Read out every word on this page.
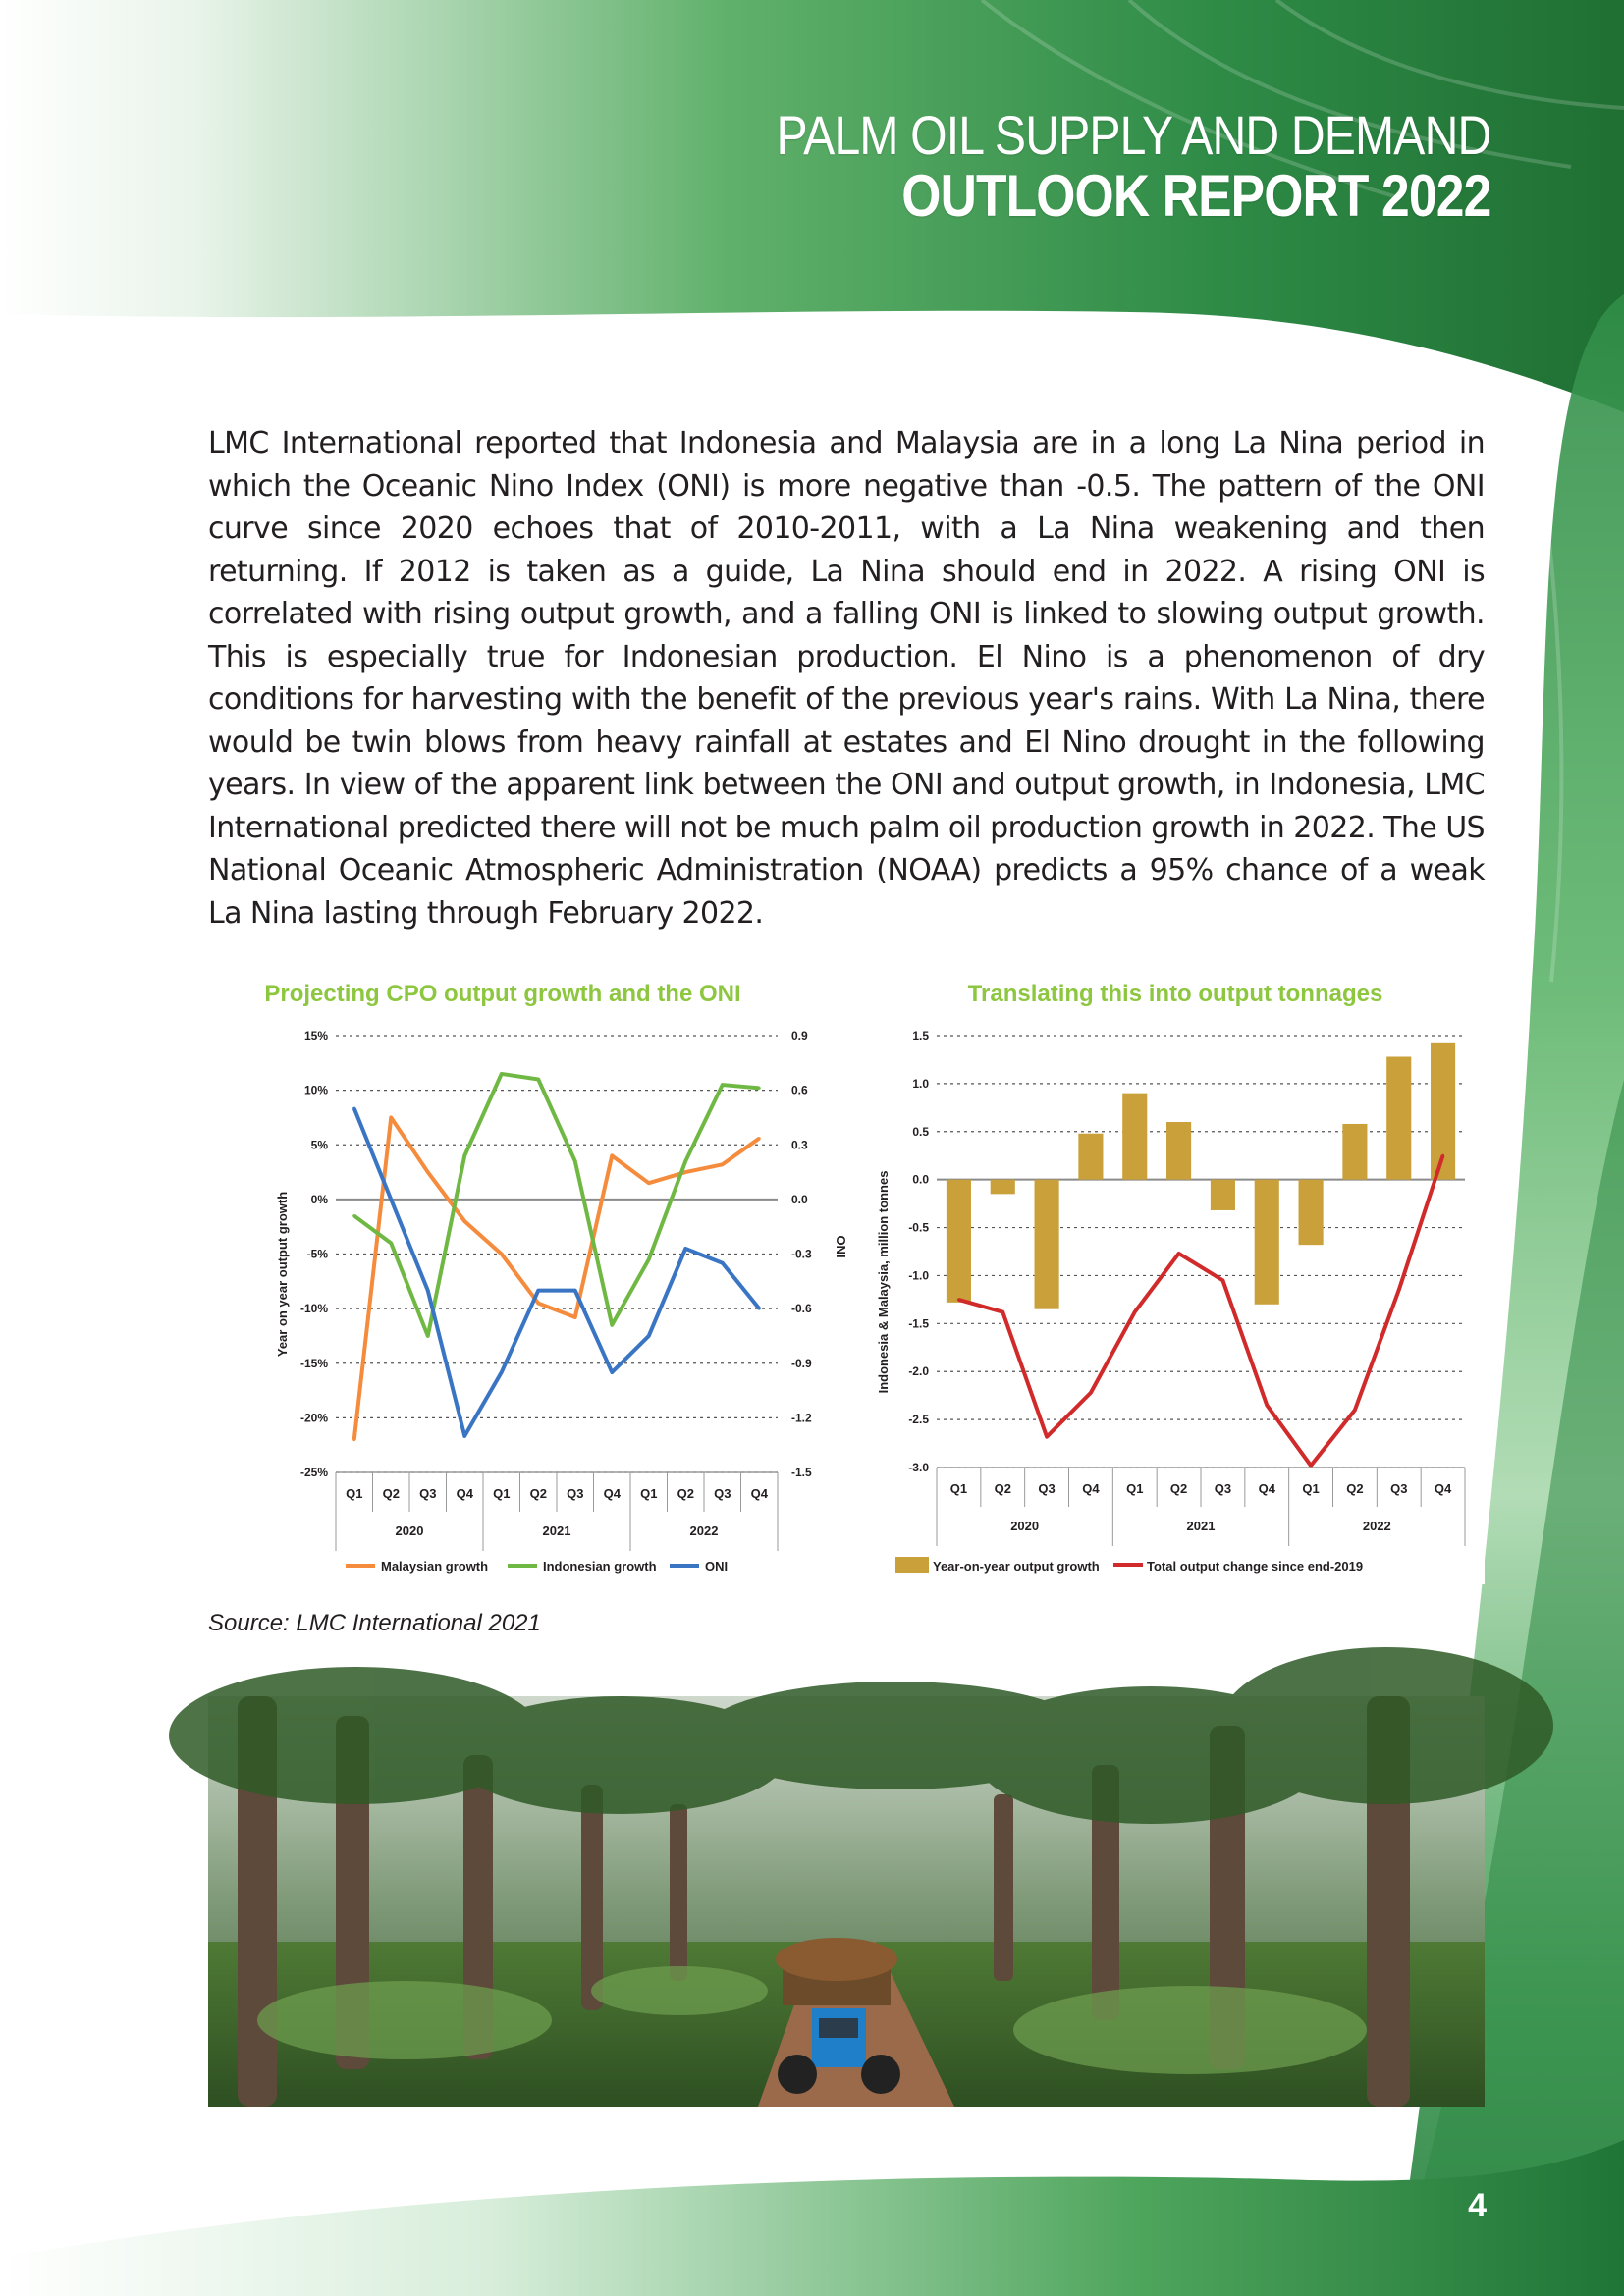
PALM OIL SUPPLY AND DEMAND
OUTLOOK REPORT 2022

LMC International reported that Indonesia and Malaysia are in a long La Nina period in which the Oceanic Nino Index (ONI) is more negative than -0.5. The pattern of the ONI curve since 2020 echoes that of 2010-2011, with a La Nina weakening and then returning. If 2012 is taken as a guide, La Nina should end in 2022. A rising ONI is correlated with rising output growth, and a falling ONI is linked to slowing output growth. This is especially true for Indonesian production. El Nino is a phenomenon of dry conditions for harvesting with the benefit of the previous year's rains. With La Nina, there would be twin blows from heavy rainfall at estates and El Nino drought in the following years. In view of the apparent link between the ONI and output growth, in Indonesia, LMC International predicted there will not be much palm oil production growth in 2022. The US National Oceanic Atmospheric Administration (NOAA) predicts a 95% chance of a weak La Nina lasting through February 2022.

Projecting CPO output growth and the ONI
Year on year output growth	ONI
15%	0.9
10%	0.6
5%	0.3
0%	0.0
-5%	-0.3
-10%	-0.6
-15%	-0.9
-20%	-1.2
-25%	-1.5
Q1 Q2 Q3 Q4 Q1 Q2 Q3 Q4 Q1 Q2 Q3 Q4
2020	2021	2022
Malaysian growth	Indonesian growth	ONI
Translating this into output tonnages
Indonesia & Malaysia, million tonnes
1.5
1.0
0.5
0.0
-0.5
-1.0
-1.5
-2.0
-2.5
-3.0
Q1 Q2 Q3 Q4 Q1 Q2 Q3 Q4 Q1 Q2 Q3 Q4
2020	2021	2022
Year-on-year output growth	Total output change since end-2019
Source: LMC International 2021
4
